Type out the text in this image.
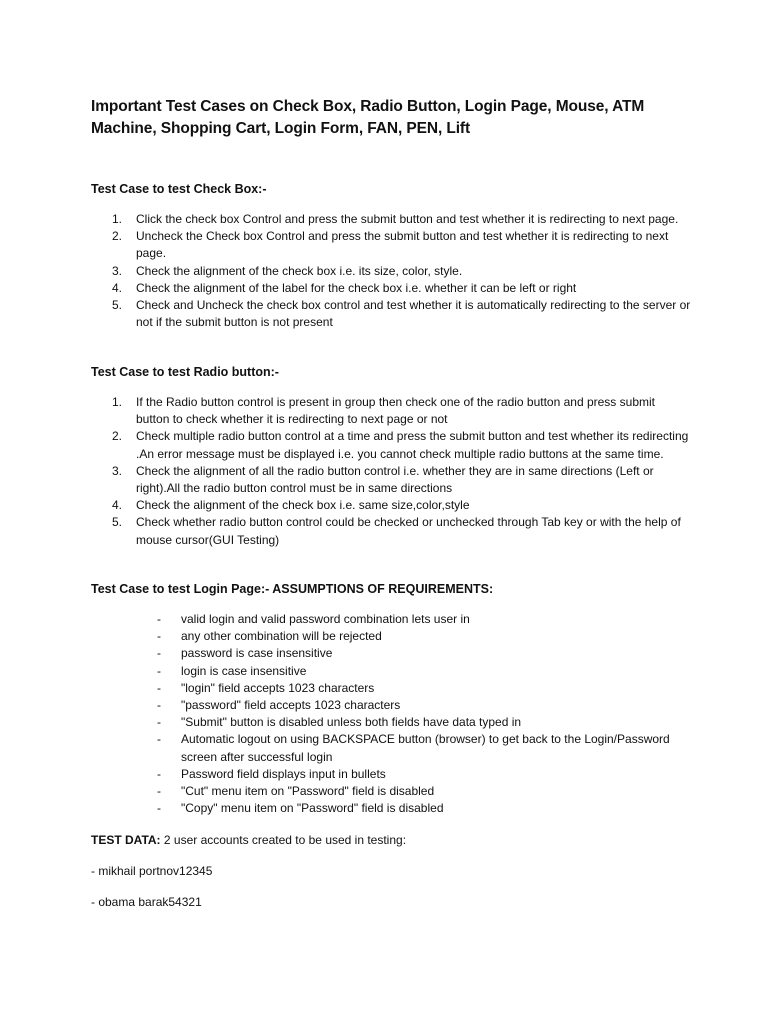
Important Test Cases on Check Box, Radio Button, Login Page, Mouse, ATM Machine, Shopping Cart, Login Form, FAN, PEN, Lift
Test Case to test Check Box:-
1. Click the check box Control and press the submit button and test whether it is redirecting to next page.
2. Uncheck the Check box Control and press the submit button and test whether it is redirecting to next page.
3. Check the alignment of the check box i.e. its size, color, style.
4. Check the alignment of the label for the check box i.e. whether it can be left or right
5. Check and Uncheck the check box control and test whether it is automatically redirecting to the server or not if the submit button is not present
Test Case to test Radio button:-
1. If the Radio button control is present in group then check one of the radio button and press submit button to check whether it is redirecting to next page or not
2. Check multiple radio button control at a time and press the submit button and test whether its redirecting .An error message must be displayed i.e. you cannot check multiple radio buttons at the same time.
3. Check the alignment of all the radio button control i.e. whether they are in same directions (Left or right).All the radio button control must be in same directions
4. Check the alignment of the check box i.e. same size,color,style
5. Check whether radio button control could be checked or unchecked through Tab key or with the help of mouse cursor(GUI Testing)
Test Case to test Login Page:- ASSUMPTIONS OF REQUIREMENTS:
- valid login and valid password combination lets user in
- any other combination will be rejected
- password is case insensitive
- login is case insensitive
- "login" field accepts 1023 characters
- "password" field accepts 1023 characters
- "Submit" button is disabled unless both fields have data typed in
- Automatic logout on using BACKSPACE button (browser) to get back to the Login/Password screen after successful login
- Password field displays input in bullets
- "Cut" menu item on "Password" field is disabled
- "Copy" menu item on "Password" field is disabled
TEST DATA: 2 user accounts created to be used in testing:
- mikhail portnov12345
- obama barak54321
